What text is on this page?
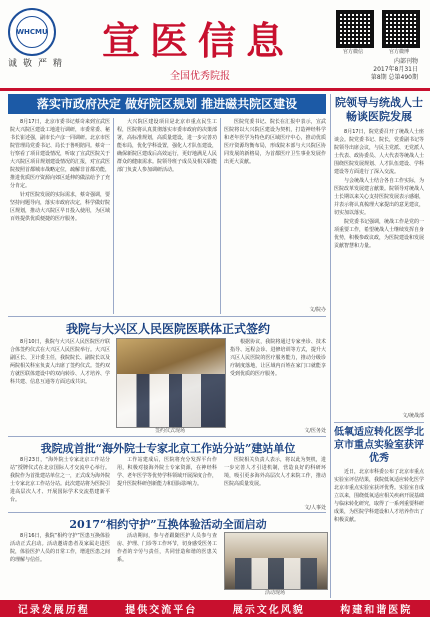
WHCMU
诚敬严精
宣医信息
全国优秀院报
官方微信	官方微博
内部刊物
2017年8月31日
第8期 总第490期
落实市政府决定 做好院区规划 推进磁共院区建设

8月17日，北京市委书记蔡奇来到宣武医院大兴院区建设工地进行调研，市委常委、秘书长崔述强，副市长卢彦一同调研。北京市医院管理局党委书记、局长于鲁明陪同。蔡奇一行察看了项目建设情况，听取了宣武医院关于大兴院区项目规划建设情况的汇报，对宣武医院按照首都城市战略定位，疏解非首都功能，推进优质医疗资源向郊区延伸的做法给予了充分肯定。

针对医院发展的实际需求，蔡奇强调，要坚持问题导向，落实市政府决定，科学做好院区规划，推动大兴院区早日投入使用，为区域百姓提供优质便捷的医疗服务。

大兴院区建设项目是北京市重点民生工程，医院将认真贯彻落实市委市政府的决策部署，高标准规划，高质量建设，进一步完善功能布局，优化学科设置，强化人才队伍建设，确保新院区建成后高效运行，更好地满足人民群众的健康需求。院领导班子成员及相关职能部门负责人参加调研活动。

医院党委书记、院长在汇报中表示，宣武医院将以大兴院区建设为契机，打造神经科学和老年医学为特色的区域医疗中心，推动优质医疗资源均衡布局，形成院本部与大兴院区协同发展的新格局，为首都医疗卫生事业发展作出更大贡献。

文/院办
我院与大兴区人民医院医联体正式签约

8月10日，我院与大兴区人民医院医疗联合体签约仪式在大兴区人民医院举行。大兴区副区长、卫计委主任，我院院长、副院长以及两院相关科室负责人出席了签约仪式。签约双方就医联体建设中的双向转诊、人才培养、学科共建、信息互通等方面达成共识。

签约仪式现场

根据协议，我院将通过专家坐诊、技术指导、远程会诊、进修培训等方式，提升大兴区人民医院的医疗服务能力，推动分级诊疗制度落地，让区域内百姓在家门口就能享受到优质的医疗服务。

文/医务处
我院成首批“海外院士专家北京工作站分站”建站单位

8月23日，“海外院士专家北京工作站分站”授牌仪式在北京国际人才交流中心举行。我院作为首批建站单位之一，正式成为海外院士专家北京工作站分站。此次建站将为医院引进高层次人才、开展国际学术交流搭建新平台。

工作站建成后，医院将充分发挥平台作用，积极对接海外院士专家资源，在神经科学、老年医学等优势学科领域开展深度合作，提升医院科研创新能力和国际影响力。

医院相关负责人表示，将以此为契机，进一步完善人才引进机制，营造良好的科研环境，吸引更多海外高层次人才来院工作，推动医院高质量发展。

文/人事处
2017“相约守护”互换体验活动全面启动

8月16日，我院“相约守护”医患互换体验活动正式启动。活动邀请患者及家属走进医院，体验医护人员的日常工作，增进医患之间的理解与信任。

活动期间，参与者跟随医护人员参与查房、护理、门诊等工作环节，切身感受医务工作者的辛劳与责任，共同营造和谐的医患关系。

活动现场
院领导与统战人士畅谈医院发展

8月17日，院党委召开了统战人士座谈会。院党委书记、院长，党委副书记等院领导出席会议，与民主党派、无党派人士代表、政协委员、人大代表等统战人士围绕医院发展规划、人才队伍建设、学科建设等方面进行了深入交流。

与会统战人士结合各自工作实际，为医院改革发展建言献策。院领导对统战人士长期以来关心支持医院发展表示感谢，并表示将认真梳理大家提出的意见建议，切实加以落实。

院党委书记强调，统战工作是党的一项重要工作，希望统战人士继续发挥自身优势，积极参政议政，为医院建设和发展贡献智慧和力量。

文/统战部
低氧适应转化医学北京市重点实验室获评优秀

近日，北京市科委公布了北京市重点实验室评估结果，我院低氧适应转化医学北京市重点实验室获评优秀。实验室自成立以来，围绕低氧适应相关疾病开展基础与临床转化研究，取得了一系列重要科研成果，为医院学科建设和人才培养作出了积极贡献。

记录发展历程	提供交流平台	展示文化风貌	构建和谐医院
